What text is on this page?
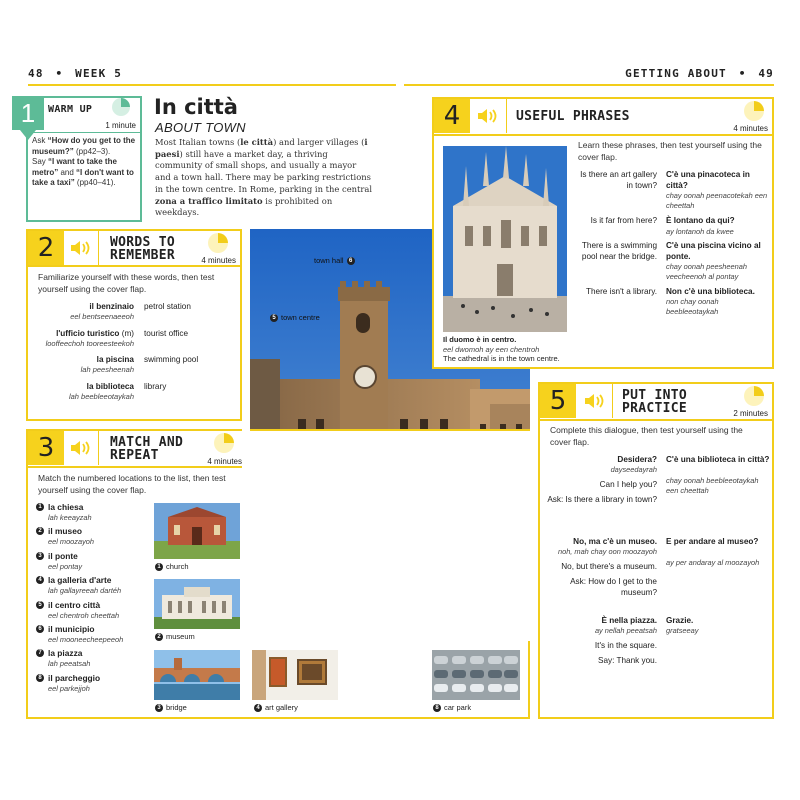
48 • WEEK 5	GETTING ABOUT • 49
1	WARM UP
1 minute
Ask “How do you get to the museum?” (pp42–3).
Say “I want to take the metro” and “I don't want to take a taxi” (pp40–41).
In città
ABOUT TOWN
Most Italian towns (le città) and larger villages (i paesi) still have a market day, a thriving community of small shops, and usually a mayor and a town hall. There may be parking restrictions in the town centre. In Rome, parking in the central zona a traffico limitato is prohibited on weekdays.
2	WORDS TO
REMEMBER	4 minutes
Familiarize yourself with these words, then test yourself using the cover flap.
il benzinaio
eel bentseenaeeoh
petrol station
l'ufficio turistico (m)
looffeechoh tooreesteekoh
tourist office
la piscina
lah peesheenah
swimming pool
la biblioteca
lah beebleeotaykah
library
town hall 6
5 town centre
3	MATCH AND
REPEAT	4 minutes
Match the numbered locations to the list, then test yourself using the cover flap.
1 la chiesa
lah keeayzah
2 il museo
eel moozayoh
3 il ponte
eel pontay
4 la galleria d'arte
lah gallayreeah dartéh
5 il centro città
eel chentroh cheettah
6 il municipio
eel mooneecheepeeoh
7 la piazza
lah peeatsah
8 il parcheggio
eel parkejjoh
1 church
2 museum
3 bridge	4 art gallery	8 car park
4	USEFUL PHRASES
4 minutes
Il duomo è in centro.
eel dwomoh ay een chentroh
The cathedral is in the town centre.
Learn these phrases, then test yourself using the cover flap.
Is there an art gallery in town?
C'è una pinacoteca in città?
chay oonah peenacotekah een cheettah
Is it far from here? È lontano da qui?
ay lontanoh da kwee
There is a swimming pool near the bridge.
C'è una piscina vicino al ponte.
chay oonah peesheenah veecheenoh al pontay
There isn't a library. Non c'è una biblioteca.
non chay oonah beebleeotaykah
5	PUT INTO
PRACTICE	2 minutes
Complete this dialogue, then test yourself using the cover flap.
Desidera?
dayseedayrah
Can I help you?
Ask: Is there a library in town?
C'è una biblioteca in città?
chay oonah beebleeotaykah een cheettah
No, ma c'è un museo.
noh, mah chay oon moozayoh
No, but there's a museum.
Ask: How do I get to the museum?
E per andare al museo?
ay per andaray al moozayoh
È nella piazza.
ay nellah peeatsah
It's in the square.
Say: Thank you.
Grazie.
gratseeay
